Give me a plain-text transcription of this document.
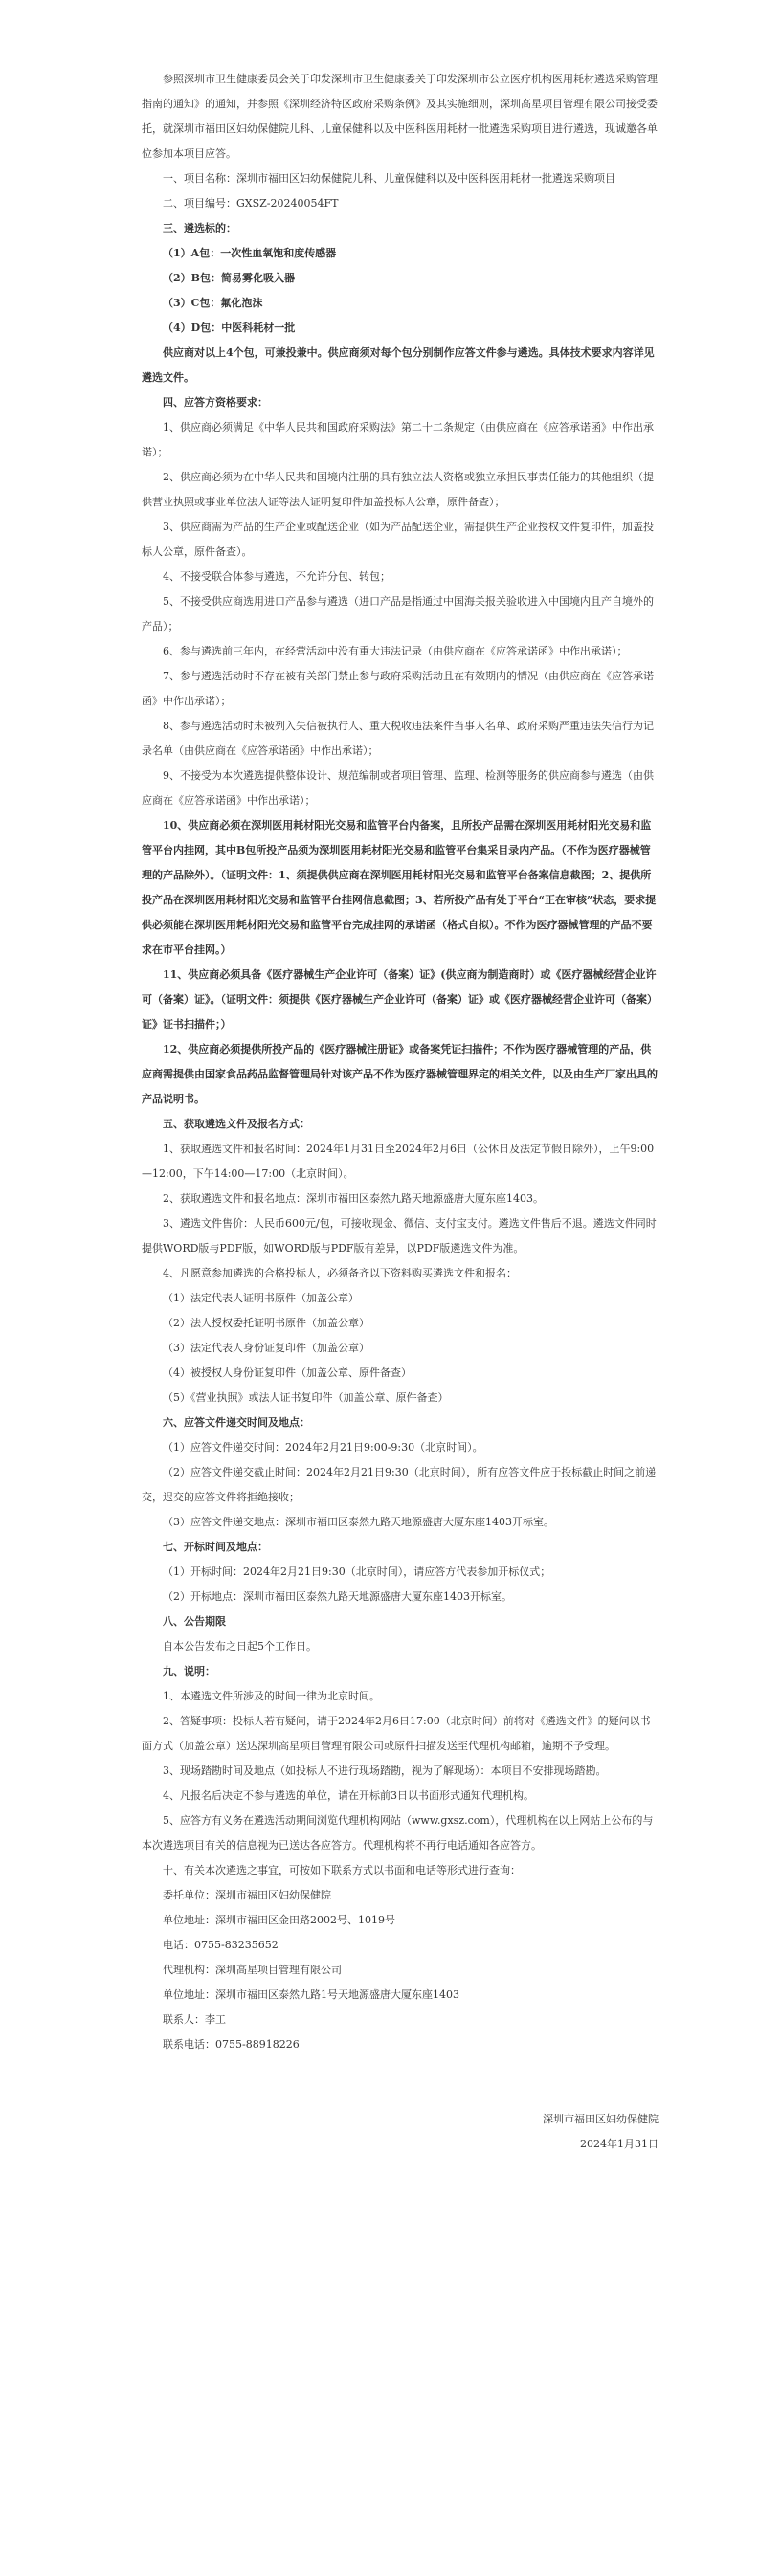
参照深圳市卫生健康委员会关于印发深圳市卫生健康委关于印发深圳市公立医疗机构医用耗材遴选采购管理指南的通知》的通知，并参照《深圳经济特区政府采购条例》及其实施细则，深圳高星项目管理有限公司接受委托，就深圳市福田区妇幼保健院儿科、儿童保健科以及中医科医用耗材一批遴选采购项目进行遴选，现诚邀各单位参加本项目应答。

一、项目名称：深圳市福田区妇幼保健院儿科、儿童保健科以及中医科医用耗材一批遴选采购项目

二、项目编号：GXSZ-20240054FT

三、遴选标的：

（1）A包：一次性血氧饱和度传感器

（2）B包：简易雾化吸入器

（3）C包：氟化泡沫

（4）D包：中医科耗材一批

供应商对以上4个包，可兼投兼中。供应商须对每个包分别制作应答文件参与遴选。具体技术要求内容详见遴选文件。

四、应答方资格要求：

1、供应商必须满足《中华人民共和国政府采购法》第二十二条规定（由供应商在《应答承诺函》中作出承诺）；

2、供应商必须为在中华人民共和国境内注册的具有独立法人资格或独立承担民事责任能力的其他组织（提供营业执照或事业单位法人证等法人证明复印件加盖投标人公章，原件备查）；

3、供应商需为产品的生产企业或配送企业（如为产品配送企业，需提供生产企业授权文件复印件，加盖投标人公章，原件备查）。

4、不接受联合体参与遴选，不允许分包、转包；

5、不接受供应商选用进口产品参与遴选（进口产品是指通过中国海关报关验收进入中国境内且产自境外的产品）；

6、参与遴选前三年内，在经营活动中没有重大违法记录（由供应商在《应答承诺函》中作出承诺）；

7、参与遴选活动时不存在被有关部门禁止参与政府采购活动且在有效期内的情况（由供应商在《应答承诺函》中作出承诺）；

8、参与遴选活动时未被列入失信被执行人、重大税收违法案件当事人名单、政府采购严重违法失信行为记录名单（由供应商在《应答承诺函》中作出承诺）；

9、不接受为本次遴选提供整体设计、规范编制或者项目管理、监理、检测等服务的供应商参与遴选（由供应商在《应答承诺函》中作出承诺）；

10、供应商必须在深圳医用耗材阳光交易和监管平台内备案，且所投产品需在深圳医用耗材阳光交易和监管平台内挂网，其中B包所投产品须为深圳医用耗材阳光交易和监管平台集采目录内产品。（不作为医疗器械管理的产品除外）。（证明文件：1、须提供供应商在深圳医用耗材阳光交易和监管平台备案信息截图；2、提供所投产品在深圳医用耗材阳光交易和监管平台挂网信息截图；3、若所投产品有处于平台“正在审核”状态，要求提供必须能在深圳医用耗材阳光交易和监管平台完成挂网的承诺函（格式自拟）。不作为医疗器械管理的产品不要求在市平台挂网。）

11、供应商必须具备《医疗器械生产企业许可（备案）证》(供应商为制造商时）或《医疗器械经营企业许可（备案）证》。（证明文件：须提供《医疗器械生产企业许可（备案）证》或《医疗器械经营企业许可（备案）证》证书扫描件；）

12、供应商必须提供所投产品的《医疗器械注册证》或备案凭证扫描件；不作为医疗器械管理的产品，供应商需提供由国家食品药品监督管理局针对该产品不作为医疗器械管理界定的相关文件，以及由生产厂家出具的产品说明书。

五、获取遴选文件及报名方式：

1、获取遴选文件和报名时间：2024年1月31日至2024年2月6日（公休日及法定节假日除外），上午9:00—12:00，下午14:00—17:00（北京时间）。

2、获取遴选文件和报名地点：深圳市福田区泰然九路天地源盛唐大厦东座1403。

3、遴选文件售价：人民币600元/包，可接收现金、微信、支付宝支付。遴选文件售后不退。遴选文件同时提供WORD版与PDF版，如WORD版与PDF版有差异，以PDF版遴选文件为准。

4、凡愿意参加遴选的合格投标人，必须备齐以下资料购买遴选文件和报名：

（1）法定代表人证明书原件（加盖公章）

（2）法人授权委托证明书原件（加盖公章）

（3）法定代表人身份证复印件（加盖公章）

（4）被授权人身份证复印件（加盖公章、原件备查）

（5）《营业执照》或法人证书复印件（加盖公章、原件备查）

六、应答文件递交时间及地点：

（1）应答文件递交时间：2024年2月21日9:00-9:30（北京时间）。

（2）应答文件递交截止时间：2024年2月21日9:30（北京时间），所有应答文件应于投标截止时间之前递交，迟交的应答文件将拒绝接收；

（3）应答文件递交地点：深圳市福田区泰然九路天地源盛唐大厦东座1403开标室。

七、开标时间及地点：

（1）开标时间：2024年2月21日9:30（北京时间），请应答方代表参加开标仪式；

（2）开标地点：深圳市福田区泰然九路天地源盛唐大厦东座1403开标室。

八、公告期限

自本公告发布之日起5个工作日。

九、说明：

1、本遴选文件所涉及的时间一律为北京时间。

2、答疑事项：投标人若有疑问，请于2024年2月6日17:00（北京时间）前将对《遴选文件》的疑问以书面方式（加盖公章）送达深圳高星项目管理有限公司或原件扫描发送至代理机构邮箱，逾期不予受理。

3、现场踏勘时间及地点（如投标人不进行现场踏勘，视为了解现场）：本项目不安排现场踏勘。

4、凡报名后决定不参与遴选的单位，请在开标前3日以书面形式通知代理机构。

5、应答方有义务在遴选活动期间浏览代理机构网站（www.gxsz.com），代理机构在以上网站上公布的与本次遴选项目有关的信息视为已送达各应答方。代理机构将不再行电话通知各应答方。

十、有关本次遴选之事宜，可按如下联系方式以书面和电话等形式进行查询：

委托单位：深圳市福田区妇幼保健院

单位地址：深圳市福田区金田路2002号、1019号

电话：0755-83235652

代理机构：深圳高星项目管理有限公司

单位地址：深圳市福田区泰然九路1号天地源盛唐大厦东座1403

联系人：李工

联系电话：0755-88918226

深圳市福田区妇幼保健院

2024年1月31日
